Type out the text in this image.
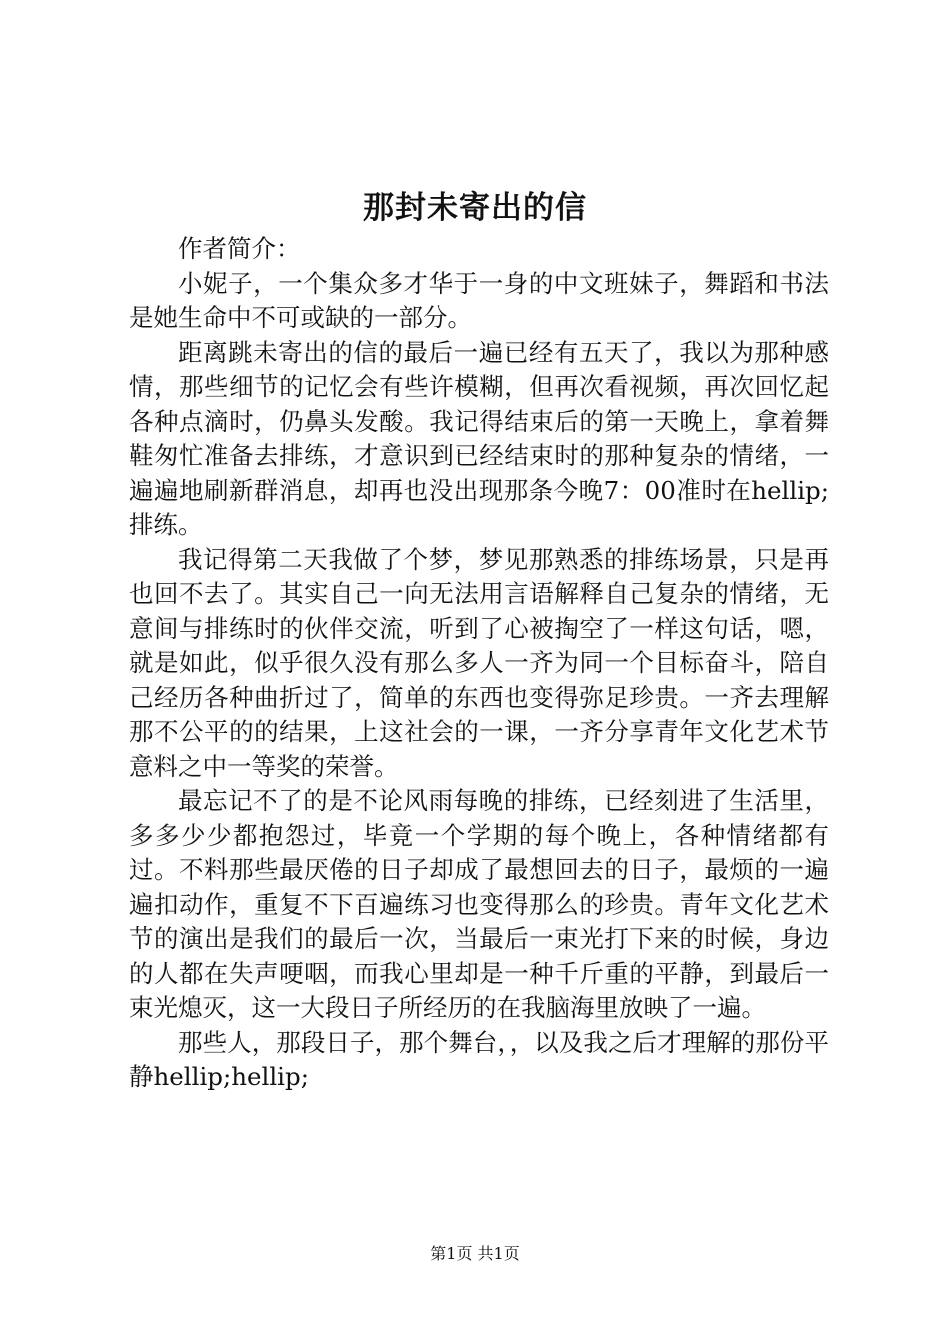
那封未寄出的信

作者简介：

小妮子，一个集众多才华于一身的中文班妹子，舞蹈和书法是她生命中不可或缺的一部分。

距离跳未寄出的信的最后一遍已经有五天了，我以为那种感情，那些细节的记忆会有些许模糊，但再次看视频，再次回忆起各种点滴时，仍鼻头发酸。我记得结束后的第一天晚上，拿着舞鞋匆忙准备去排练，才意识到已经结束时的那种复杂的情绪，一遍遍地刷新群消息，却再也没出现那条今晚7：00准时在hellip;排练。

我记得第二天我做了个梦，梦见那熟悉的排练场景，只是再也回不去了。其实自己一向无法用言语解释自己复杂的情绪，无意间与排练时的伙伴交流，听到了心被掏空了一样这句话，嗯，就是如此，似乎很久没有那么多人一齐为同一个目标奋斗，陪自己经历各种曲折过了，简单的东西也变得弥足珍贵。一齐去理解那不公平的的结果，上这社会的一课，一齐分享青年文化艺术节意料之中一等奖的荣誉。

最忘记不了的是不论风雨每晚的排练，已经刻进了生活里，多多少少都抱怨过，毕竟一个学期的每个晚上，各种情绪都有过。不料那些最厌倦的日子却成了最想回去的日子，最烦的一遍遍扣动作，重复不下百遍练习也变得那么的珍贵。青年文化艺术节的演出是我们的最后一次，当最后一束光打下来的时候，身边的人都在失声哽咽，而我心里却是一种千斤重的平静，到最后一束光熄灭，这一大段日子所经历的在我脑海里放映了一遍。

那些人，那段日子，那个舞台，，以及我之后才理解的那份平静hellip;hellip;

第1页 共1页
